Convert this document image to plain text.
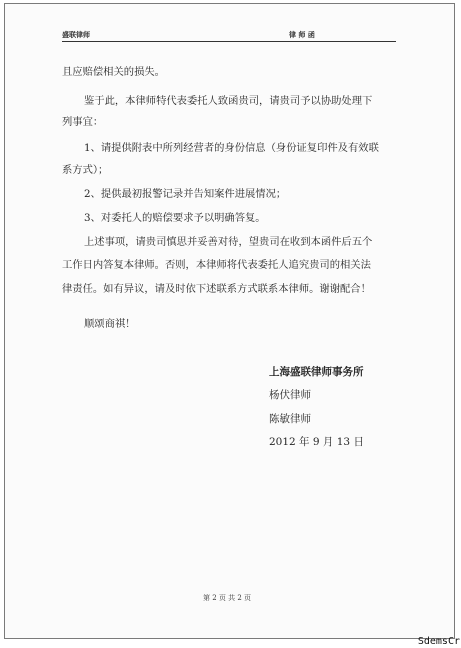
盛联律师	律 师 函
且应赔偿相关的损失。
鉴于此，本律师特代表委托人致函贵司，请贵司予以协助处理下
列事宜：
1、请提供附表中所列经营者的身份信息（身份证复印件及有效联
系方式）；
2、提供最初报警记录并告知案件进展情况；
3、对委托人的赔偿要求予以明确答复。
上述事项，请贵司慎思并妥善对待，望贵司在收到本函件后五个
工作日内答复本律师。否则，本律师将代表委托人追究贵司的相关法
律责任。如有异议，请及时依下述联系方式联系本律师。谢谢配合！
顺颂商祺！
上海盛联律师事务所
杨伏律师
陈敏律师
2012 年 9 月 13 日
第 2 页 共 2 页
SdemsCr
